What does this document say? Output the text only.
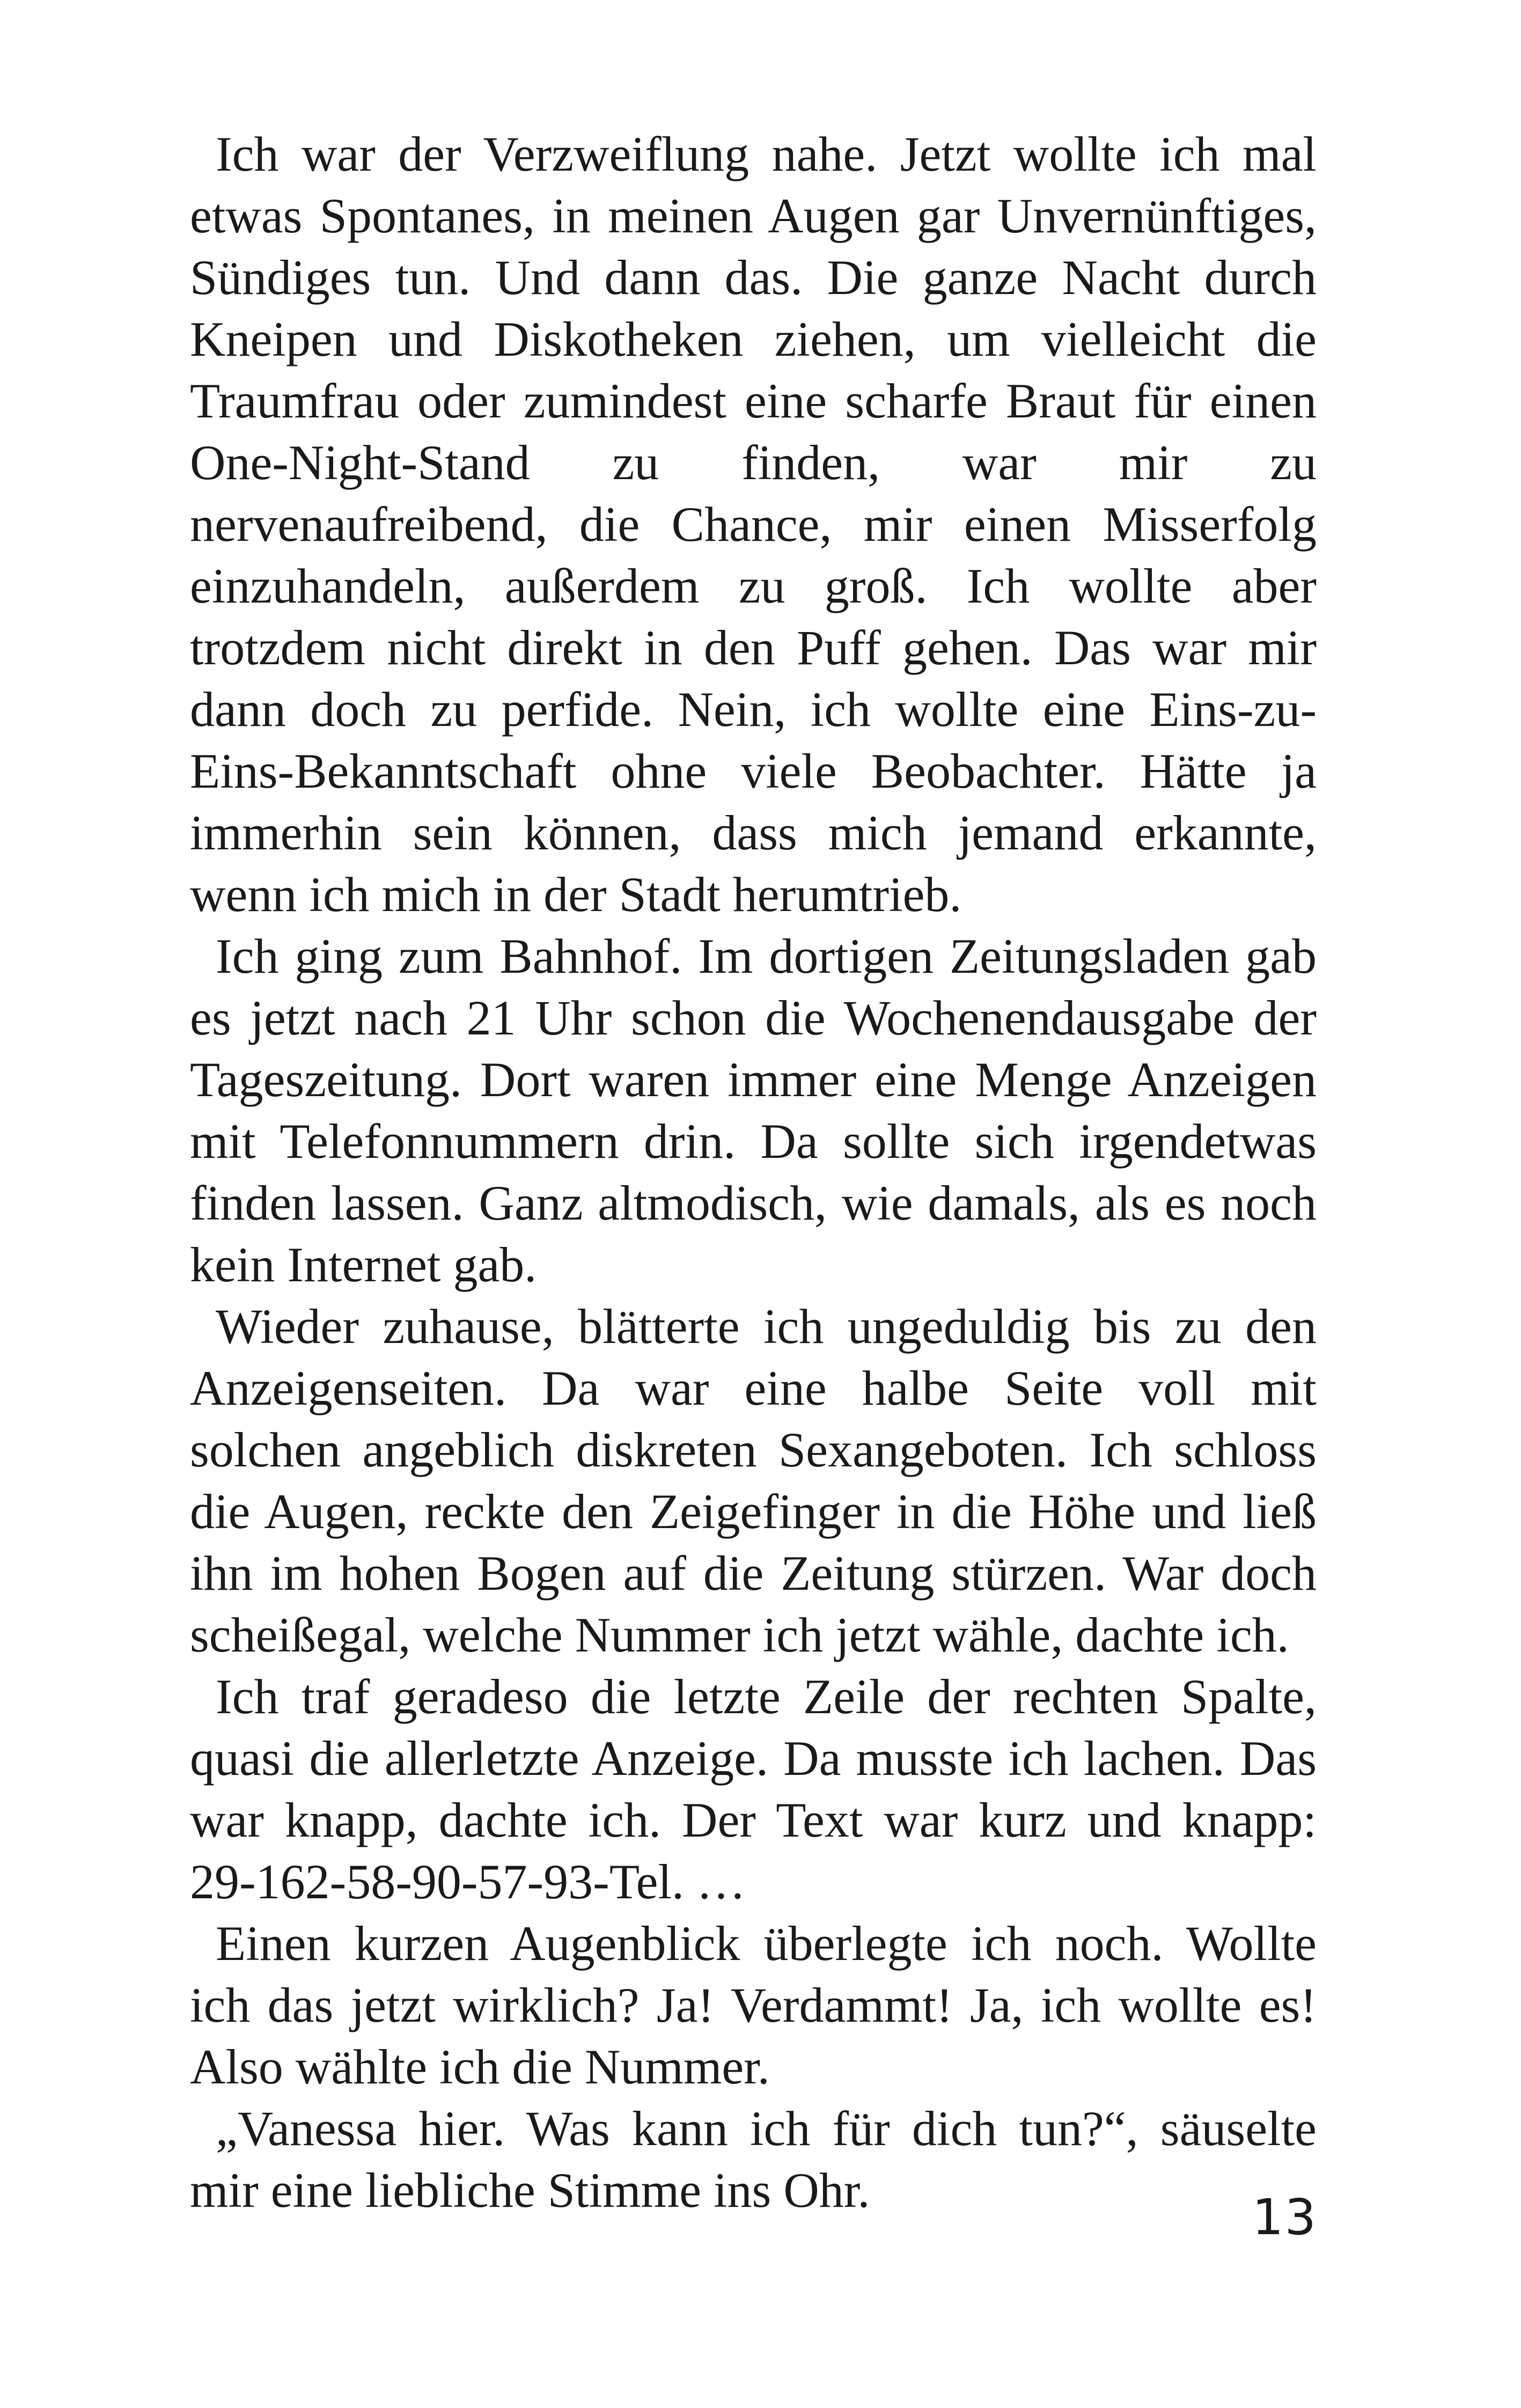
Ich war der Verzweiflung nahe. Jetzt wollte ich mal etwas Spontanes, in meinen Augen gar Unvernünftiges, Sündiges tun. Und dann das. Die ganze Nacht durch Kneipen und Diskotheken ziehen, um vielleicht die Traumfrau oder zumindest eine scharfe Braut für einen One-Night-Stand zu finden, war mir zu nervenaufreibend, die Chance, mir einen Misserfolg einzuhandeln, außerdem zu groß. Ich wollte aber trotzdem nicht direkt in den Puff gehen. Das war mir dann doch zu perfide. Nein, ich wollte eine Eins-zu-Eins-Bekanntschaft ohne viele Beobachter. Hätte ja immerhin sein können, dass mich jemand erkannte, wenn ich mich in der Stadt herumtrieb.

Ich ging zum Bahnhof. Im dortigen Zeitungsladen gab es jetzt nach 21 Uhr schon die Wochenendausgabe der Tageszeitung. Dort waren immer eine Menge Anzeigen mit Telefonnummern drin. Da sollte sich irgendetwas finden lassen. Ganz altmodisch, wie damals, als es noch kein Internet gab.

Wieder zuhause, blätterte ich ungeduldig bis zu den Anzeigenseiten. Da war eine halbe Seite voll mit solchen angeblich diskreten Sexangeboten. Ich schloss die Augen, reckte den Zeigefinger in die Höhe und ließ ihn im hohen Bogen auf die Zeitung stürzen. War doch scheißegal, welche Nummer ich jetzt wähle, dachte ich.

Ich traf geradeso die letzte Zeile der rechten Spalte, quasi die allerletzte Anzeige. Da musste ich lachen. Das war knapp, dachte ich. Der Text war kurz und knapp: 29-162-58-90-57-93-Tel. …

Einen kurzen Augenblick überlegte ich noch. Wollte ich das jetzt wirklich? Ja! Verdammt! Ja, ich wollte es! Also wählte ich die Nummer.

„Vanessa hier. Was kann ich für dich tun?“, säuselte mir eine liebliche Stimme ins Ohr.	13
